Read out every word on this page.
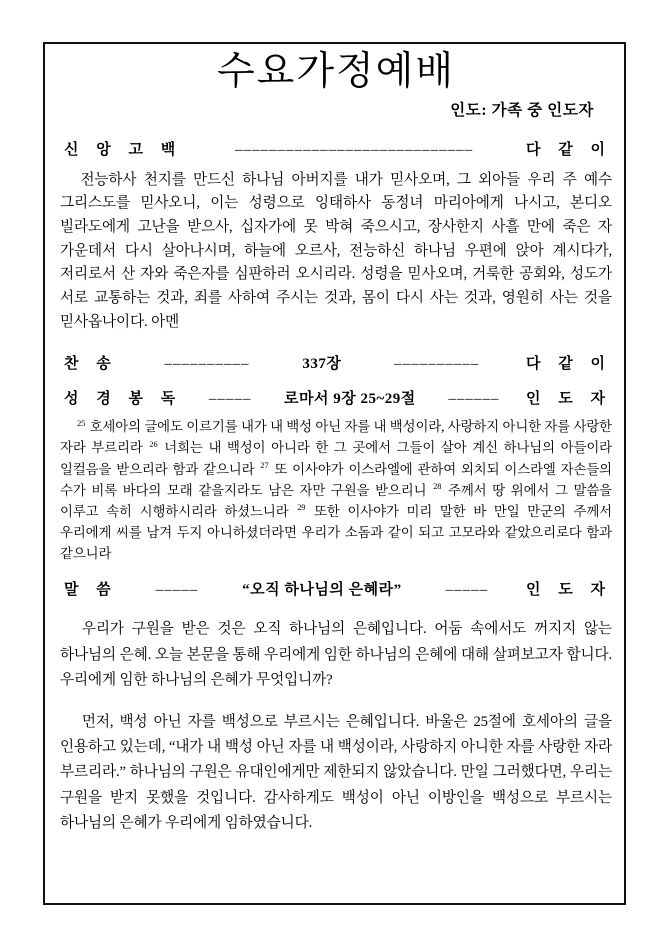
수요가정예배
인도: 가족 중 인도자
신 앙 고 백	––––––––––––––––––––––––––––	다 같 이

전능하사 천지를 만드신 하나님 아버지를 내가 믿사오며, 그 외아들 우리 주 예수 그리스도를 믿사오니, 이는 성령으로 잉태하사 동정녀 마리아에게 나시고, 본디오 빌라도에게 고난을 받으사, 십자가에 못 박혀 죽으시고, 장사한지 사흘 만에 죽은 자 가운데서 다시 살아나시며, 하늘에 오르사, 전능하신 하나님 우편에 앉아 계시다가, 저리로서 산 자와 죽은자를 심판하러 오시리라. 성령을 믿사오며, 거룩한 공회와, 성도가 서로 교통하는 것과, 죄를 사하여 주시는 것과, 몸이 다시 사는 것과, 영원히 사는 것을 믿사옵나이다. 아멘

찬 송	––––––––––	337장	––––––––––	다 같 이
성 경 봉 독	–––––	로마서 9장 25~29절	––––––	인 도 자

$^{25}$ 호세아의 글에도 이르기를 내가 내 백성 아닌 자를 내 백성이라, 사랑하지 아니한 자를 사랑한 자라 부르리라 $^{26}$ 너희는 내 백성이 아니라 한 그 곳에서 그들이 살아 계신 하나님의 아들이라 일컬음을 받으리라 함과 같으니라 $^{27}$ 또 이사야가 이스라엘에 관하여 외치되 이스라엘 자손들의 수가 비록 바다의 모래 같을지라도 남은 자만 구원을 받으리니 $^{28}$ 주께서 땅 위에서 그 말씀을 이루고 속히 시행하시리라 하셨느니라 $^{29}$ 또한 이사야가 미리 말한 바 만일 만군의 주께서 우리에게 씨를 남겨 두지 아니하셨더라면 우리가 소돔과 같이 되고 고모라와 같았으리로다 함과 같으니라

말 씀	–––––	“오직 하나님의 은혜라”	–––––	인 도 자

우리가 구원을 받은 것은 오직 하나님의 은혜입니다. 어둠 속에서도 꺼지지 않는 하나님의 은혜. 오늘 본문을 통해 우리에게 임한 하나님의 은혜에 대해 살펴보고자 합니다. 우리에게 임한 하나님의 은혜가 무엇입니까?

먼저, 백성 아닌 자를 백성으로 부르시는 은혜입니다. 바울은 25절에 호세아의 글을 인용하고 있는데, “내가 내 백성 아닌 자를 내 백성이라, 사랑하지 아니한 자를 사랑한 자라 부르리라.” 하나님의 구원은 유대인에게만 제한되지 않았습니다. 만일 그러했다면, 우리는 구원을 받지 못했을 것입니다. 감사하게도 백성이 아닌 이방인을 백성으로 부르시는 하나님의 은혜가 우리에게 임하였습니다.
